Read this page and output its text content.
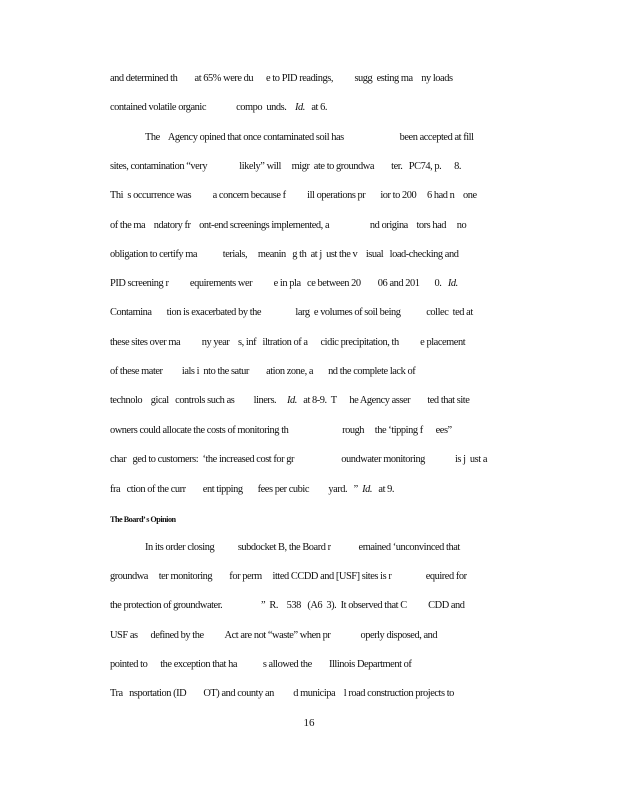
and determined th        at 65% were du      e to PID readings,          sugg  esting ma    ny loads
contained volatile organic              compo  unds.    Id.   at 6.
The    Agency opined that once contaminated soil has                          been accepted at fill
sites, contamination “very               likely” will     migr  ate to groundwa        ter.   PC74, p.      8.
Thi  s occurrence was          a concern because f          ill operations pr       ior to 200     6 had n    one
of the ma    ndatory fr    ont-end screenings implemented, a                   nd origina    tors had     no
obligation to certify ma            terials,     meanin   g th  at j  ust the v    isual   load-checking and
PID screening r          equirements wer          e in pla   ce between 20        06 and 201       0.   Id.
Contamina       tion is exacerbated by the                larg  e volumes of soil being            collec  ted at
these sites over ma          ny year    s, inf   iltration of a      cidic precipitation, th          e placement
of these mater         ials i  nto the satur        ation zone, a       nd the complete lack of
technolo    gical   controls such as         liners.     Id.   at 8-9.  T      he Agency asser        ted that site
owners could allocate the costs of monitoring th                         rough     the ‘tipping f      ees”
char   ged to customers:  ‘the increased cost for gr                      oundwater monitoring              is j  ust a
fra   ction of the curr        ent tipping       fees per cubic         yard.   ”  Id.   at 9.
The Board’ s Opinion
In its order closing           subdocket B, the Board r             emained ‘unconvinced that
groundwa     ter monitoring        for perm     itted CCDD and [USF] sites is r                equired for
the protection of groundwater.                  ”  R.    538   (A6  3).  It observed that C          CDD and
USF as      defined by the          Act are not “waste” when pr              operly disposed, and
pointed to      the exception that ha            s allowed the        Illinois Department of
Tra   nsportation (ID        OT) and county an         d municipa    l road construction projects to
16
